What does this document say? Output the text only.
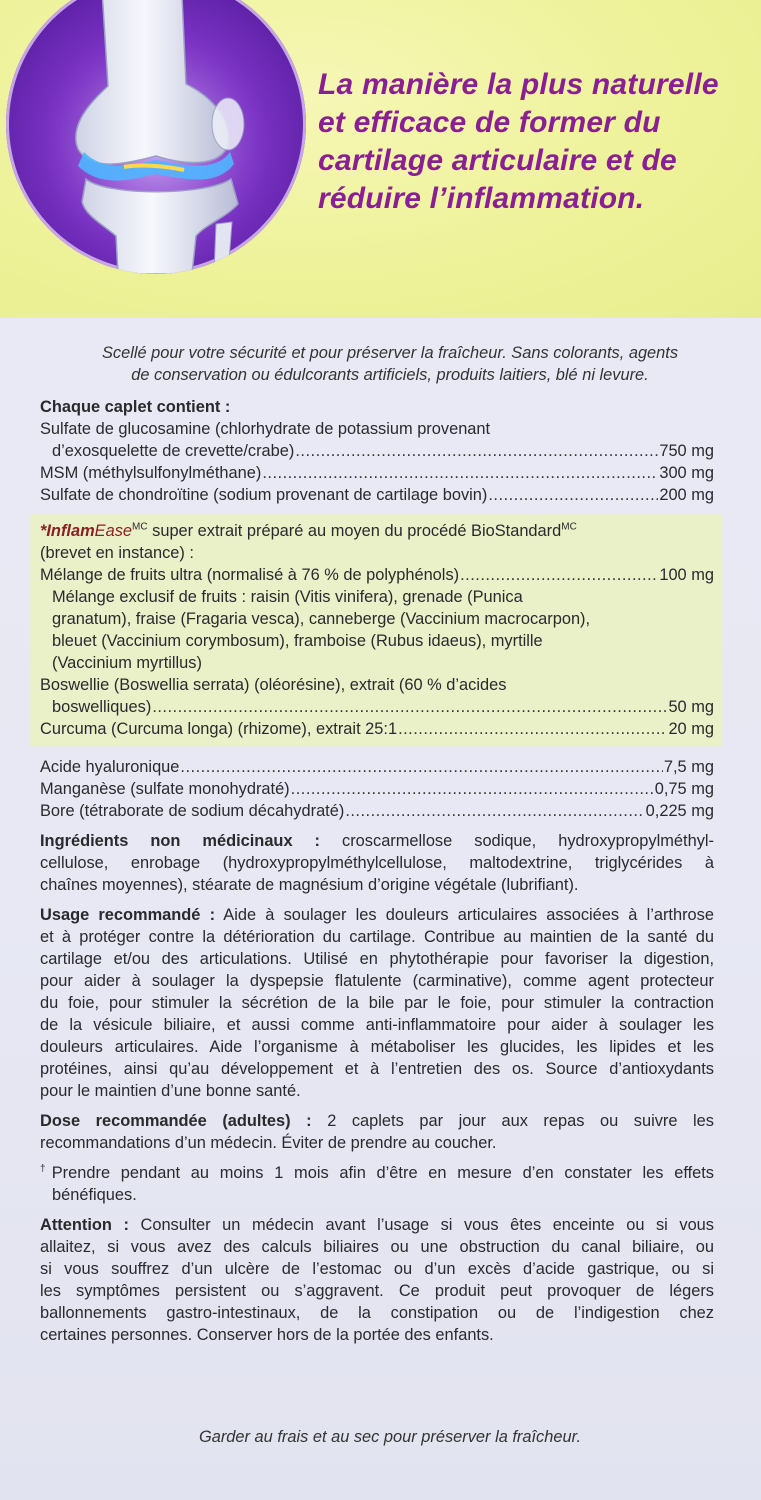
La manière la plus naturelle
et efficace de former du
cartilage articulaire et de
réduire l’inflammation.
Scellé pour votre sécurité et pour préserver la fraîcheur. Sans colorants, agents
de conservation ou édulcorants artificiels, produits laitiers, blé ni levure.
Chaque caplet contient :
Sulfate de glucosamine (chlorhydrate de potassium provenant
d’exosquelette de crevette/crabe) .....	750 mg
MSM (méthylsulfonylméthane) .....	300 mg
Sulfate de chondroïtine (sodium provenant de cartilage bovin) .....	200 mg
*InflamEase$^{MC}$ super extrait préparé au moyen du procédé BioStandard$^{MC}$
(brevet en instance) :
Mélange de fruits ultra (normalisé à 76 % de polyphénols) .....	100 mg
Mélange exclusif de fruits : raisin (Vitis vinifera), grenade (Punica
granatum), fraise (Fragaria vesca), canneberge (Vaccinium macrocarpon),
bleuet (Vaccinium corymbosum), framboise (Rubus idaeus), myrtille
(Vaccinium myrtillus)
Boswellie (Boswellia serrata) (oléorésine), extrait (60 % d’acides
boswelliques) .....	50 mg
Curcuma (Curcuma longa) (rhizome), extrait 25:1 .....	20 mg
Acide hyaluronique .....	7,5 mg
Manganèse (sulfate monohydraté) .....	0,75 mg
Bore (tétraborate de sodium décahydraté) .....	0,225 mg
Ingrédients non médicinaux : croscarmellose sodique, hydroxypropylméthyl-
cellulose, enrobage (hydroxypropylméthylcellulose, maltodextrine, triglycérides à
chaînes moyennes), stéarate de magnésium d’origine végétale (lubrifiant).
Usage recommandé : Aide à soulager les douleurs articulaires associées à l’arthrose
et à protéger contre la détérioration du cartilage. Contribue au maintien de la santé du
cartilage et/ou des articulations. Utilisé en phytothérapie pour favoriser la digestion,
pour aider à soulager la dyspepsie flatulente (carminative), comme agent protecteur
du foie, pour stimuler la sécrétion de la bile par le foie, pour stimuler la contraction
de la vésicule biliaire, et aussi comme anti-inflammatoire pour aider à soulager les
douleurs articulaires. Aide l’organisme à métaboliser les glucides, les lipides et les
protéines, ainsi qu’au développement et à l’entretien des os. Source d’antioxydants
pour le maintien d’une bonne santé.
Dose recommandée (adultes) : 2 caplets par jour aux repas ou suivre les
recommandations d’un médecin. Éviter de prendre au coucher.
†Prendre pendant au moins 1 mois afin d’être en mesure d’en constater les effets
bénéfiques.
Attention : Consulter un médecin avant l’usage si vous êtes enceinte ou si vous
allaitez, si vous avez des calculs biliaires ou une obstruction du canal biliaire, ou
si vous souffrez d’un ulcère de l’estomac ou d’un excès d’acide gastrique, ou si
les symptômes persistent ou s’aggravent. Ce produit peut provoquer de légers
ballonnements gastro-intestinaux, de la constipation ou de l’indigestion chez
certaines personnes. Conserver hors de la portée des enfants.
Garder au frais et au sec pour préserver la fraîcheur.
